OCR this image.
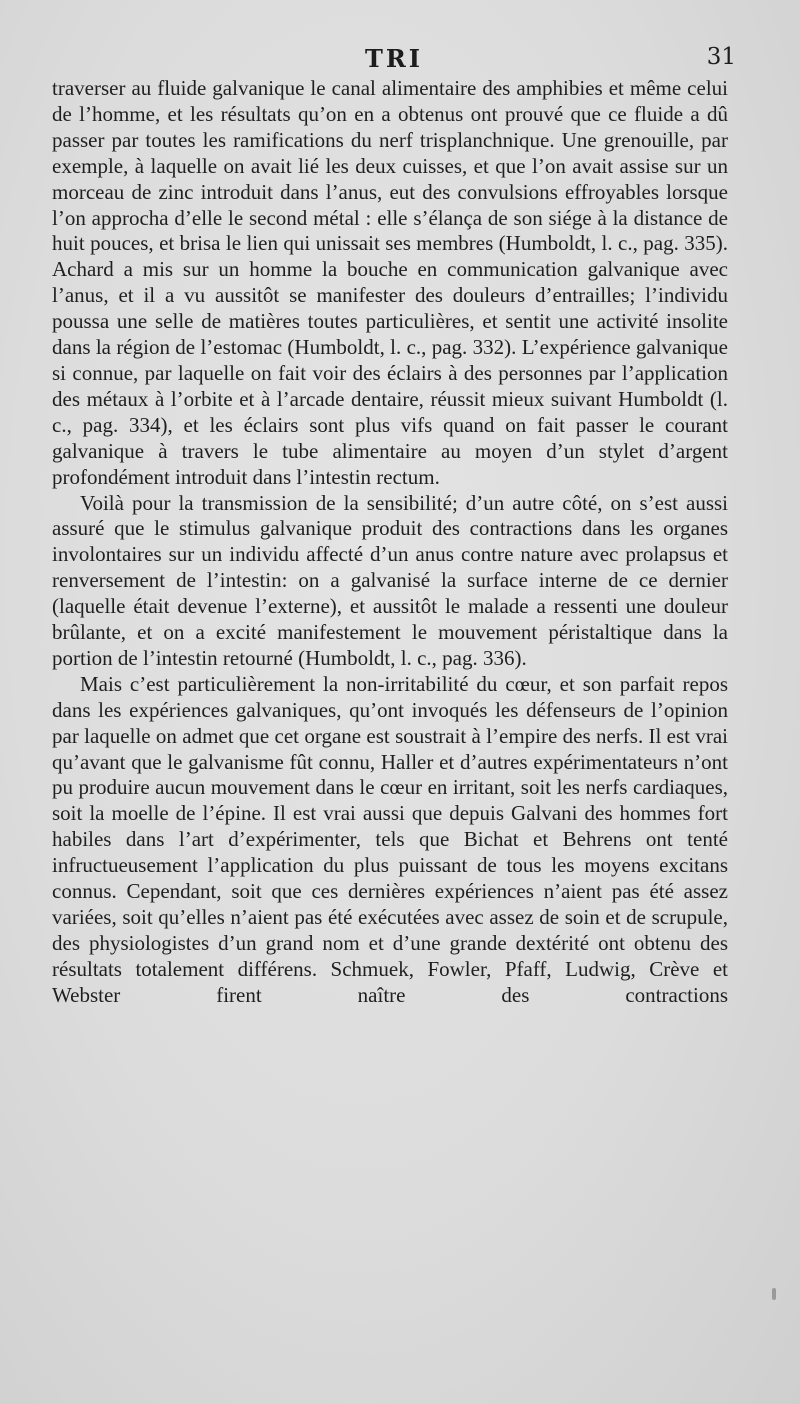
TRI	31

traverser au fluide galvanique le canal alimentaire des amphibies et même celui de l’homme, et les résultats qu’on en a obtenus ont prouvé que ce fluide a dû passer par toutes les ramifications du nerf trisplanchnique. Une grenouille, par exemple, à laquelle on avait lié les deux cuisses, et que l’on avait assise sur un morceau de zinc introduit dans l’anus, eut des convulsions effroyables lorsque l’on approcha d’elle le second métal : elle s’élança de son siége à la distance de huit pouces, et brisa le lien qui unissait ses membres (Humboldt, l. c., pag. 335). Achard a mis sur un homme la bouche en communication galvanique avec l’anus, et il a vu aussitôt se manifester des douleurs d’entrailles; l’individu poussa une selle de matières toutes particulières, et sentit une activité insolite dans la région de l’estomac (Humboldt, l. c., pag. 332). L’expérience galvanique si connue, par laquelle on fait voir des éclairs à des personnes par l’application des métaux à l’orbite et à l’arcade dentaire, réussit mieux suivant Humboldt (l. c., pag. 334), et les éclairs sont plus vifs quand on fait passer le courant galvanique à travers le tube alimentaire au moyen d’un stylet d’argent profondément introduit dans l’intestin rectum.

Voilà pour la transmission de la sensibilité; d’un autre côté, on s’est aussi assuré que le stimulus galvanique produit des contractions dans les organes involontaires sur un individu affecté d’un anus contre nature avec prolapsus et renversement de l’intestin: on a galvanisé la surface interne de ce dernier (laquelle était devenue l’externe), et aussitôt le malade a ressenti une douleur brûlante, et on a excité manifestement le mouvement péristaltique dans la portion de l’intestin retourné (Humboldt, l. c., pag. 336).

Mais c’est particulièrement la non-irritabilité du cœur, et son parfait repos dans les expériences galvaniques, qu’ont invoqués les défenseurs de l’opinion par laquelle on admet que cet organe est soustrait à l’empire des nerfs. Il est vrai qu’avant que le galvanisme fût connu, Haller et d’autres expérimentateurs n’ont pu produire aucun mouvement dans le cœur en irritant, soit les nerfs cardiaques, soit la moelle de l’épine. Il est vrai aussi que depuis Galvani des hommes fort habiles dans l’art d’expérimenter, tels que Bichat et Behrens ont tenté infructueusement l’application du plus puissant de tous les moyens excitans connus. Cependant, soit que ces dernières expériences n’aient pas été assez variées, soit qu’elles n’aient pas été exécutées avec assez de soin et de scrupule, des physiologistes d’un grand nom et d’une grande dextérité ont obtenu des résultats totalement différens. Schmuek, Fowler, Pfaff, Ludwig, Crève et Webster firent naître des contractions
